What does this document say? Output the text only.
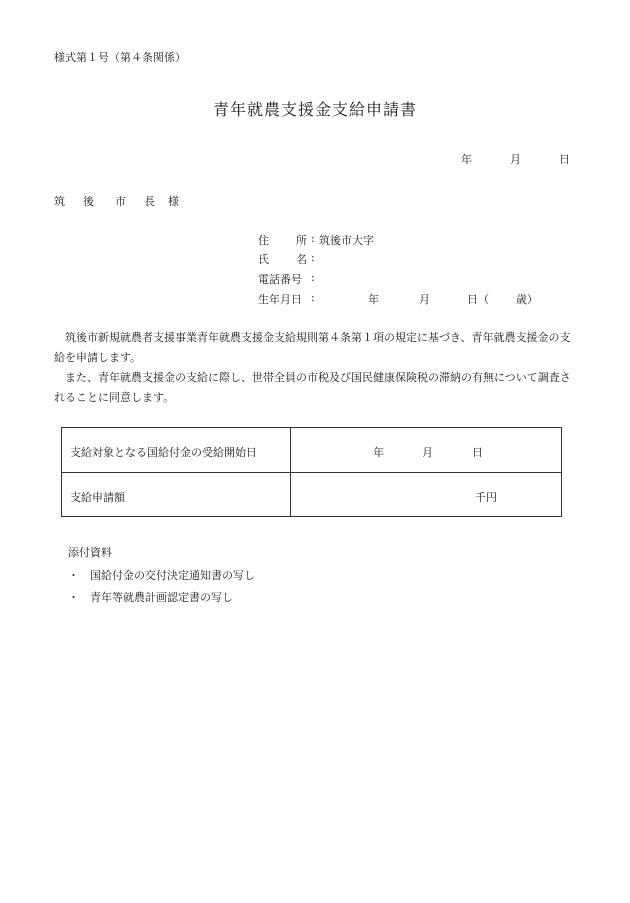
様式第１号（第４条関係）
青年就農支援金支給申請書
年	月	日
筑 後 市 長 様
住 所 : 筑後市大字
氏 名 :
電話番号 :
生年月日 :	年	月	日（ 歳）

筑後市新規就農者支援事業青年就農支援金支給規則第４条第１項の規定に基づき、青年就農支援金の支給を申請します。

また、青年就農支援金の支給に際し、世帯全員の市税及び国民健康保険税の滞納の有無について調査されることに同意します。

支給対象となる国給付金の受給開始日	年	月	日
支給申請額	千円
添付資料
・ 国給付金の交付決定通知書の写し
・ 青年等就農計画認定書の写し
